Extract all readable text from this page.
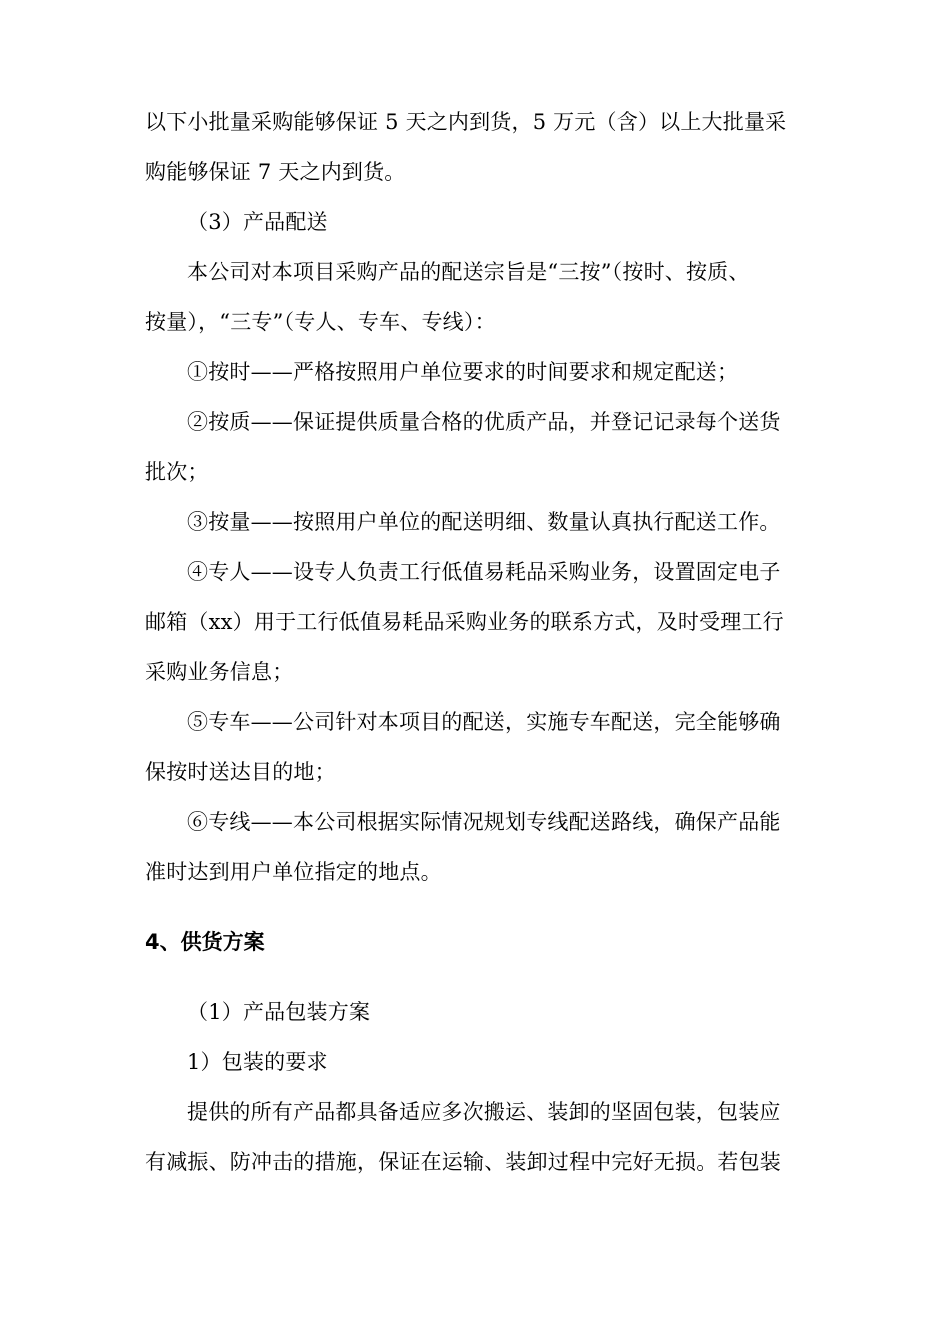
以下小批量采购能够保证 5 天之内到货，5 万元（含）以上大批量采
购能够保证 7 天之内到货。
（3）产品配送
本公司对本项目采购产品的配送宗旨是“三按”（按时、按质、
按量），“三专”（专人、专车、专线）：
①按时——严格按照用户单位要求的时间要求和规定配送；
②按质——保证提供质量合格的优质产品，并登记记录每个送货
批次；
③按量——按照用户单位的配送明细、数量认真执行配送工作。
④专人——设专人负责工行低值易耗品采购业务，设置固定电子
邮箱（xx）用于工行低值易耗品采购业务的联系方式，及时受理工行
采购业务信息；
⑤专车——公司针对本项目的配送，实施专车配送，完全能够确
保按时送达目的地；
⑥专线——本公司根据实际情况规划专线配送路线，确保产品能
准时达到用户单位指定的地点。
4、供货方案
（1）产品包装方案
1）包装的要求
提供的所有产品都具备适应多次搬运、装卸的坚固包装，包装应
有减振、防冲击的措施，保证在运输、装卸过程中完好无损。若包装
